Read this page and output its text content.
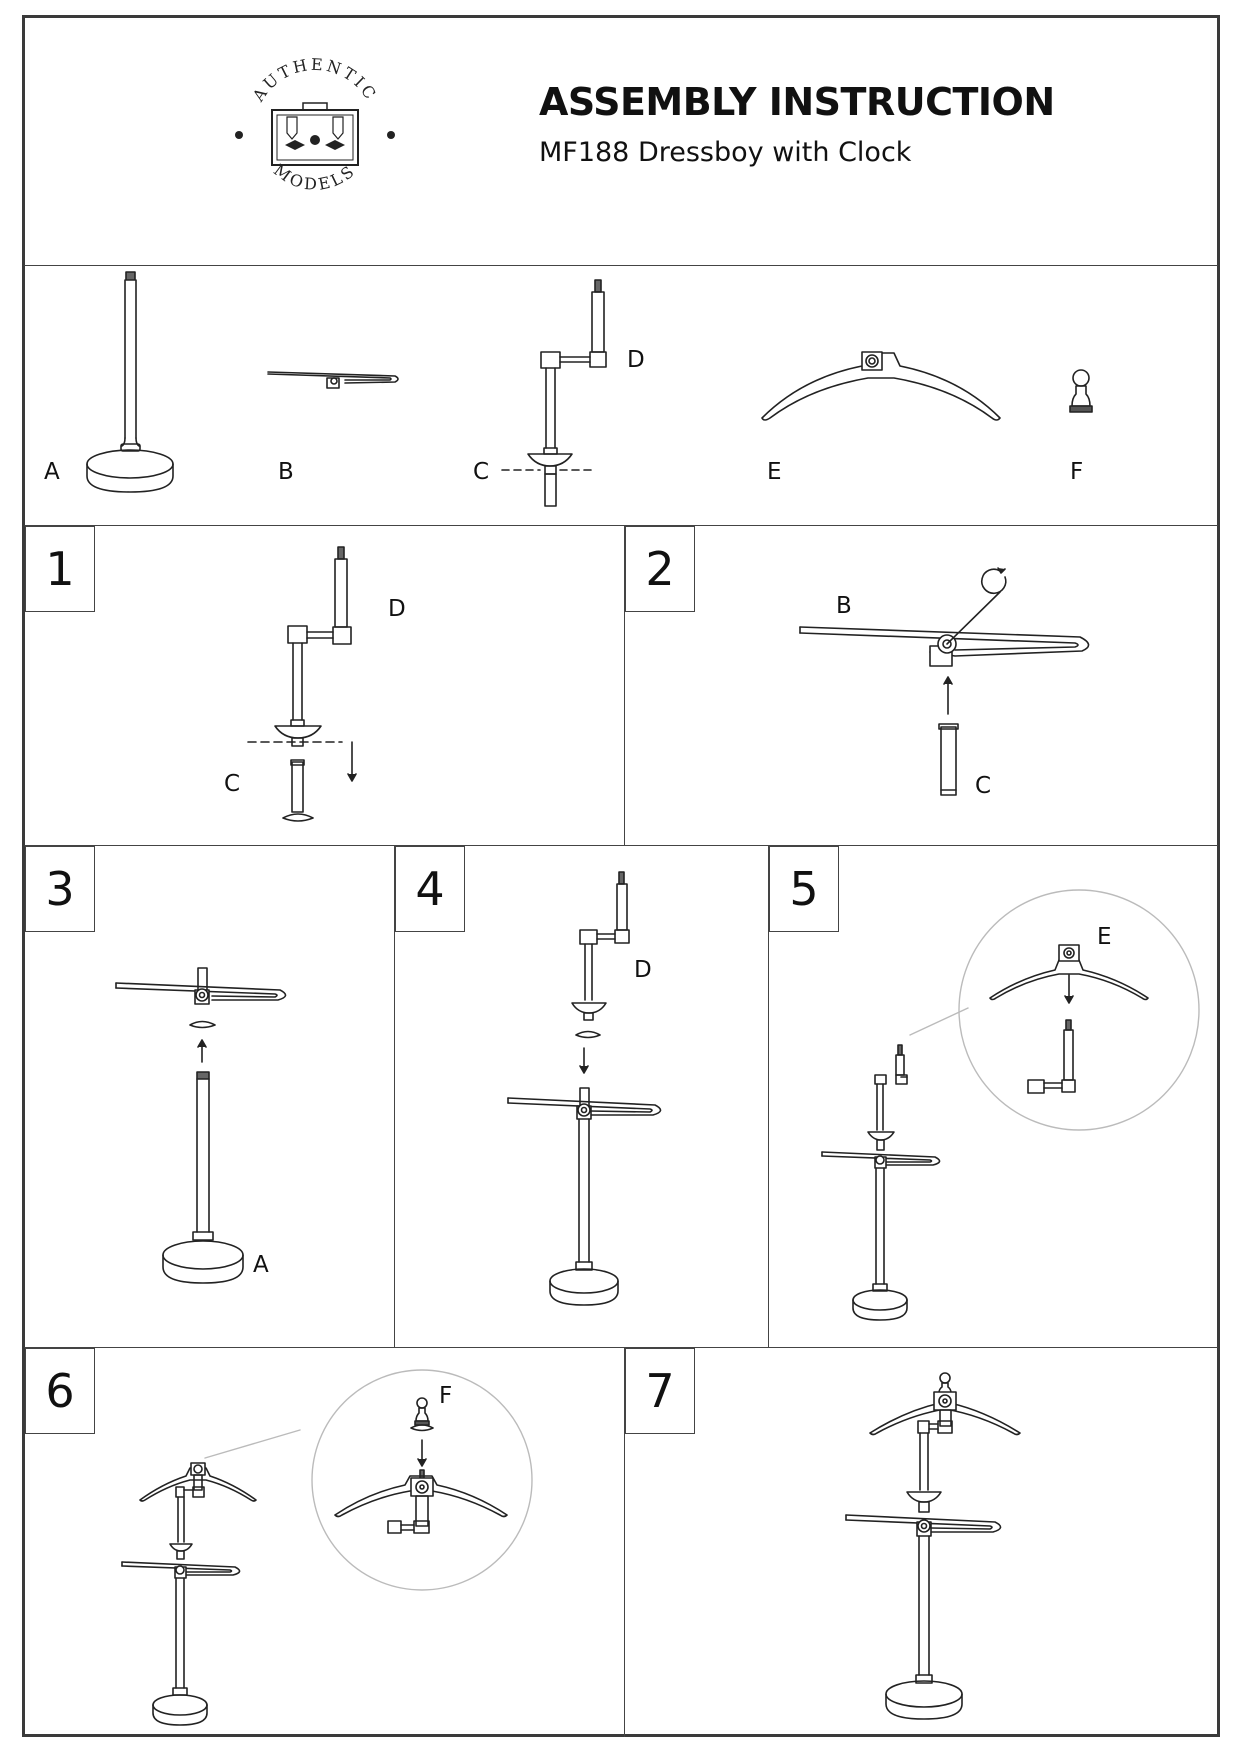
AUTHENTIC
MODELS
ASSEMBLY INSTRUCTION
MF188 Dressboy with Clock
A	B	C
D
E	F
1	2
3	4	5
6	7
D
C
B
C
A
D
E
F
